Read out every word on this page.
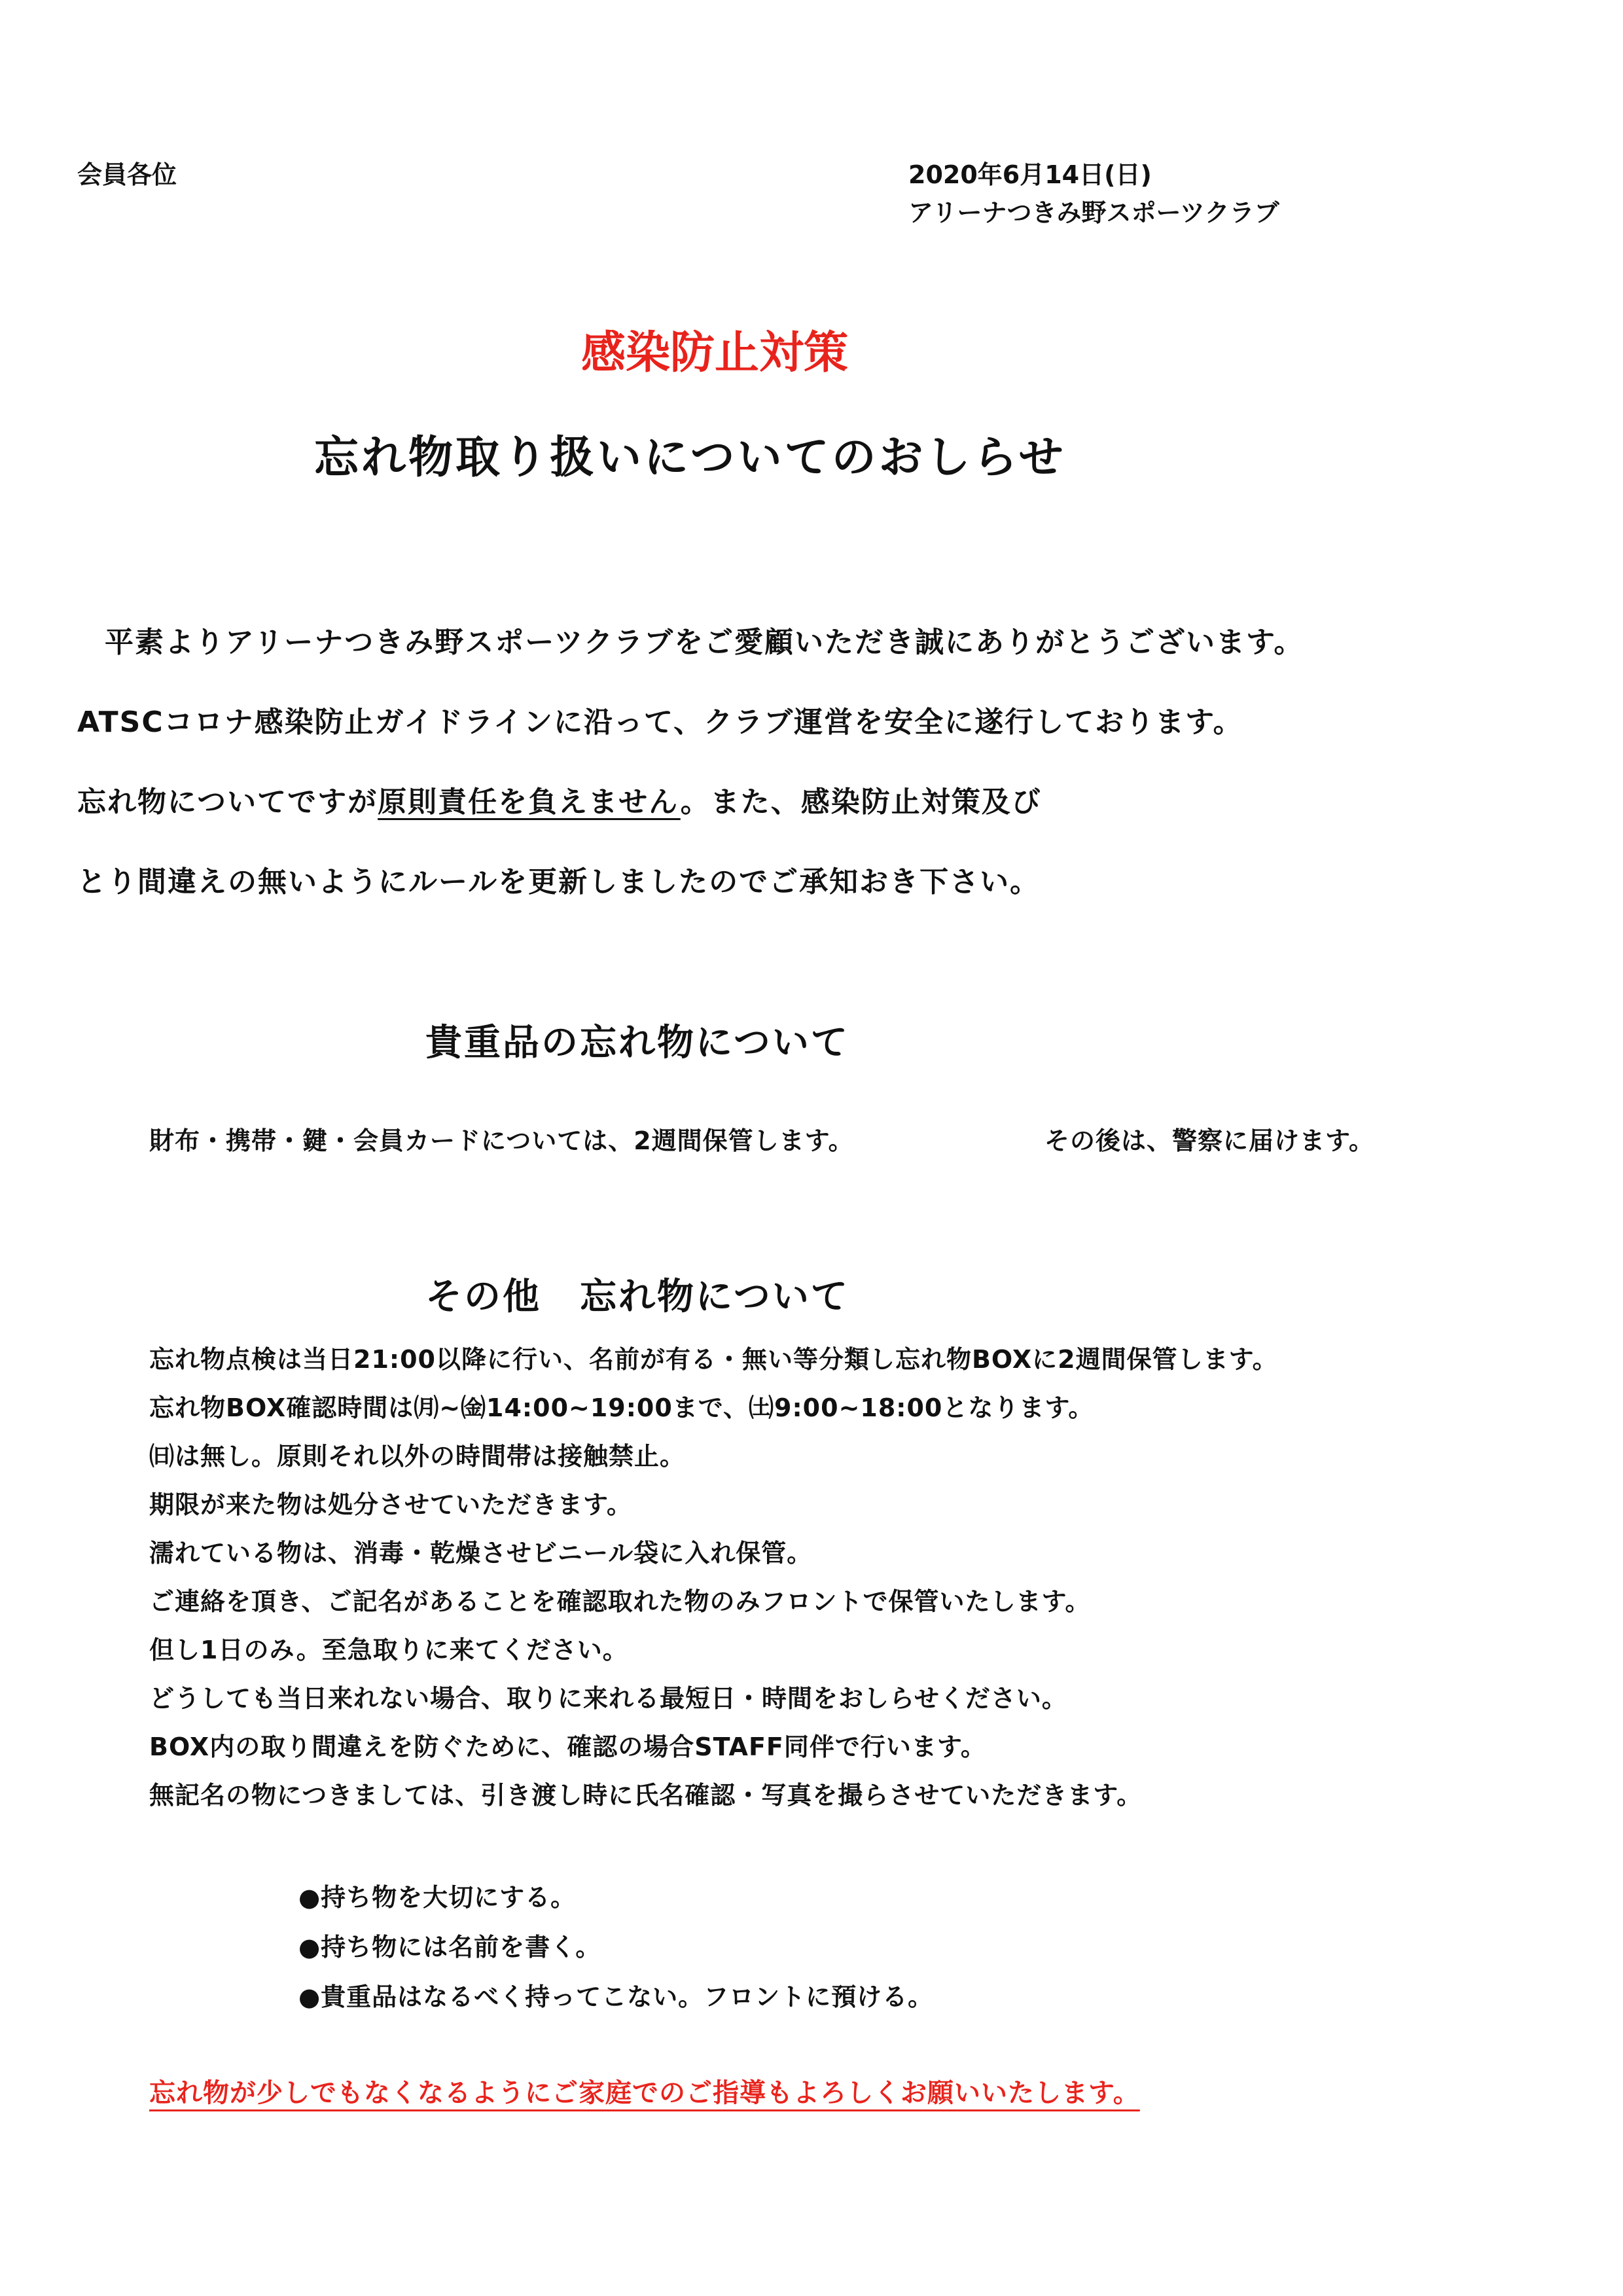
会員各位	2020年6月14日(日)
アリーナつきみ野スポーツクラブ
感染防止対策
忘れ物取り扱いについてのおしらせ
平素よりアリーナつきみ野スポーツクラブをご愛顧いただき誠にありがとうございます。
ATSCコロナ感染防止ガイドラインに沿って、クラブ運営を安全に遂行しております。
忘れ物についてですが原則責任を負えません。また、感染防止対策及び
とり間違えの無いようにルールを更新しましたのでご承知おき下さい。
貴重品の忘れ物について
財布・携帯・鍵・会員カードについては、2週間保管します。	その後は、警察に届けます。
その他　忘れ物について
忘れ物点検は当日21:00以降に行い、名前が有る・無い等分類し忘れ物BOXに2週間保管します。
忘れ物BOX確認時間は㈪~㈮14:00~19:00まで、㈯9:00~18:00となります。
㈰は無し。原則それ以外の時間帯は接触禁止。
期限が来た物は処分させていただきます。
濡れている物は、消毒・乾燥させビニール袋に入れ保管。
ご連絡を頂き、ご記名があることを確認取れた物のみフロントで保管いたします。
但し1日のみ。至急取りに来てください。
どうしても当日来れない場合、取りに来れる最短日・時間をおしらせください。
BOX内の取り間違えを防ぐために、確認の場合STAFF同伴で行います。
無記名の物につきましては、引き渡し時に氏名確認・写真を撮らさせていただきます。
●持ち物を大切にする。
●持ち物には名前を書く。
●貴重品はなるべく持ってこない。フロントに預ける。
忘れ物が少しでもなくなるようにご家庭でのご指導もよろしくお願いいたします。
